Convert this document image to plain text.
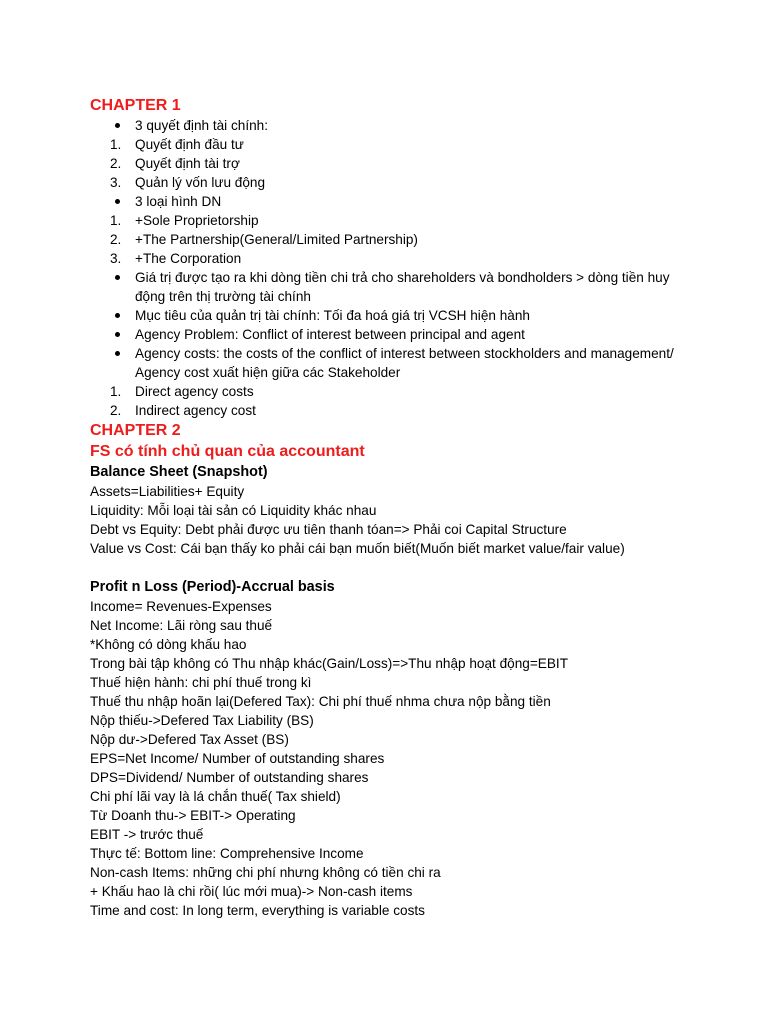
CHAPTER 1
3 quyết định tài chính:
1.	Quyết định đầu tư
2.	Quyết định tài trợ
3.	Quản lý vốn lưu động
3 loại hình DN
1.	+Sole Proprietorship
2.	+The Partnership(General/Limited Partnership)
3.	+The Corporation
Giá trị được tạo ra khi dòng tiền chi trả cho shareholders và bondholders > dòng tiền huy động trên thị trường tài chính
Mục tiêu của quản trị tài chính: Tối đa hoá giá trị VCSH hiện hành
Agency Problem: Conflict of interest between principal and agent
Agency costs: the costs of the conflict of interest between stockholders and management/ Agency cost xuất hiện giữa các Stakeholder
1.	Direct agency costs
2.	Indirect agency cost
CHAPTER 2
FS có tính chủ quan của accountant
Balance Sheet (Snapshot)
Assets=Liabilities+ Equity
Liquidity: Mỗi loại tài sản có Liquidity khác nhau
Debt vs Equity: Debt phải được ưu tiên thanh tóan=> Phải coi Capital Structure
Value vs Cost: Cái bạn thấy ko phải cái bạn muốn biết(Muốn biết market value/fair value)
Profit n Loss (Period)-Accrual basis
Income= Revenues-Expenses
Net Income: Lãi ròng sau thuế
*Không có dòng khấu hao
Trong bài tập không có Thu nhập khác(Gain/Loss)=>Thu nhập hoạt động=EBIT
Thuế hiện hành: chi phí thuế trong kì
Thuế thu nhập hoãn lại(Defered Tax): Chi phí thuế nhma chưa nộp bằng tiền
Nộp thiếu->Defered Tax Liability (BS)
Nộp dư->Defered Tax Asset (BS)
EPS=Net Income/ Number of outstanding shares
DPS=Dividend/ Number of outstanding shares
Chi phí lãi vay là lá chắn thuế( Tax shield)
Từ Doanh thu-> EBIT-> Operating
EBIT -> trước thuế
Thực tế: Bottom line: Comprehensive Income
Non-cash Items: những chi phí nhưng không có tiền chi ra
+ Khấu hao là chi rồi( lúc mới mua)-> Non-cash items
Time and cost: In long term, everything is variable costs
